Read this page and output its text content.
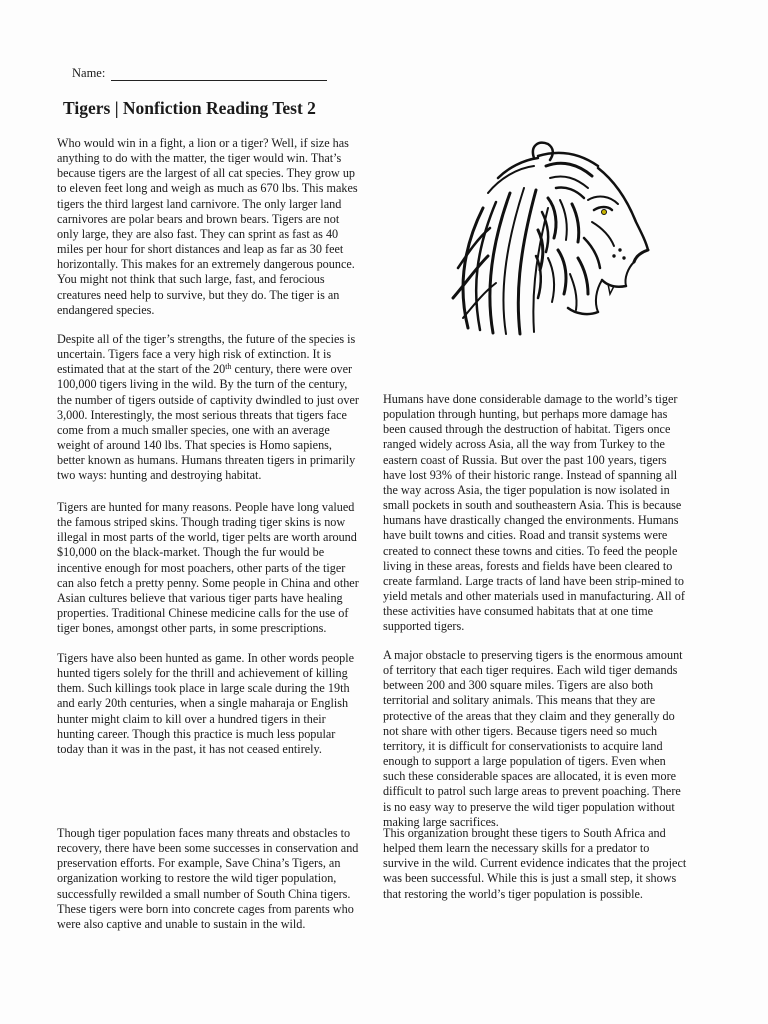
Name:
Tigers | Nonfiction Reading Test 2
Who would win in a fight, a lion or a tiger? Well, if size has
anything to do with the matter, the tiger would win. That’s
because tigers are the largest of all cat species. They grow up
to eleven feet long and weigh as much as 670 lbs. This makes
tigers the third largest land carnivore. The only larger land
carnivores are polar bears and brown bears. Tigers are not
only large, they are also fast. They can sprint as fast as 40
miles per hour for short distances and leap as far as 30 feet
horizontally. This makes for an extremely dangerous pounce.
You might not think that such large, fast, and ferocious
creatures need help to survive, but they do. The tiger is an
endangered species.
Despite all of the tiger’s strengths, the future of the species is
uncertain. Tigers face a very high risk of extinction. It is
estimated that at the start of the 20th century, there were over
100,000 tigers living in the wild. By the turn of the century,
the number of tigers outside of captivity dwindled to just over
3,000. Interestingly, the most serious threats that tigers face
come from a much smaller species, one with an average
weight of around 140 lbs. That species is Homo sapiens,
better known as humans. Humans threaten tigers in primarily
two ways: hunting and destroying habitat.
Tigers are hunted for many reasons. People have long valued
the famous striped skins. Though trading tiger skins is now
illegal in most parts of the world, tiger pelts are worth around
$10,000 on the black-market. Though the fur would be
incentive enough for most poachers, other parts of the tiger
can also fetch a pretty penny. Some people in China and other
Asian cultures believe that various tiger parts have healing
properties. Traditional Chinese medicine calls for the use of
tiger bones, amongst other parts, in some prescriptions.
Tigers have also been hunted as game. In other words people
hunted tigers solely for the thrill and achievement of killing
them. Such killings took place in large scale during the 19th
and early 20th centuries, when a single maharaja or English
hunter might claim to kill over a hundred tigers in their
hunting career. Though this practice is much less popular
today than it was in the past, it has not ceased entirely.
Though tiger population faces many threats and obstacles to
recovery, there have been some successes in conservation and
preservation efforts. For example, Save China’s Tigers, an
organization working to restore the wild tiger population,
successfully rewilded a small number of South China tigers.
These tigers were born into concrete cages from parents who
were also captive and unable to sustain in the wild.
Humans have done considerable damage to the world’s tiger
population through hunting, but perhaps more damage has
been caused through the destruction of habitat. Tigers once
ranged widely across Asia, all the way from Turkey to the
eastern coast of Russia. But over the past 100 years, tigers
have lost 93% of their historic range. Instead of spanning all
the way across Asia, the tiger population is now isolated in
small pockets in south and southeastern Asia. This is because
humans have drastically changed the environments. Humans
have built towns and cities. Road and transit systems were
created to connect these towns and cities. To feed the people
living in these areas, forests and fields have been cleared to
create farmland. Large tracts of land have been strip-mined to
yield metals and other materials used in manufacturing. All of
these activities have consumed habitats that at one time
supported tigers.
A major obstacle to preserving tigers is the enormous amount
of territory that each tiger requires. Each wild tiger demands
between 200 and 300 square miles. Tigers are also both
territorial and solitary animals. This means that they are
protective of the areas that they claim and they generally do
not share with other tigers. Because tigers need so much
territory, it is difficult for conservationists to acquire land
enough to support a large population of tigers. Even when
such these considerable spaces are allocated, it is even more
difficult to patrol such large areas to prevent poaching. There
is no easy way to preserve the wild tiger population without
making large sacrifices.
This organization brought these tigers to South Africa and
helped them learn the necessary skills for a predator to
survive in the wild. Current evidence indicates that the project
was been successful. While this is just a small step, it shows
that restoring the world’s tiger population is possible.
